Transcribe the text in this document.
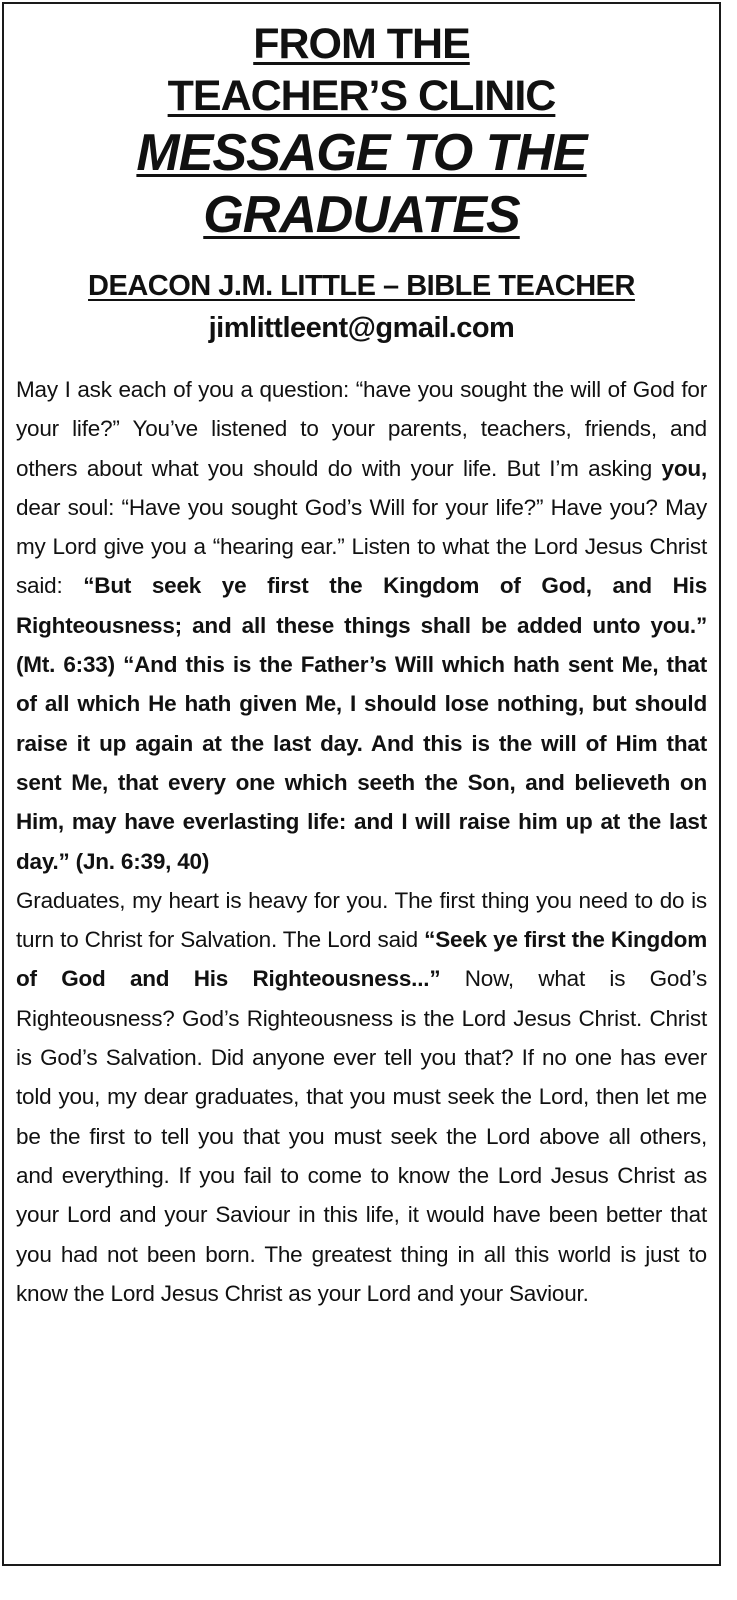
FROM THE
TEACHER’S CLINIC
MESSAGE TO THE
GRADUATES
DEACON J.M. LITTLE – BIBLE TEACHER
jimlittleent@gmail.com

May I ask each of you a question: “have you sought the will of God for your life?” You’ve listened to your parents, teachers, friends, and others about what you should do with your life. But I’m asking you, dear soul: “Have you sought God’s Will for your life?” Have you? May my Lord give you a “hearing ear.” Listen to what the Lord Jesus Christ said: “But seek ye first the Kingdom of God, and His Righteousness; and all these things shall be added unto you.” (Mt. 6:33) “And this is the Father’s Will which hath sent Me, that of all which He hath given Me, I should lose nothing, but should raise it up again at the last day. And this is the will of Him that sent Me, that every one which seeth the Son, and believeth on Him, may have everlasting life: and I will raise him up at the last day.” (Jn. 6:39, 40)

Graduates, my heart is heavy for you. The first thing you need to do is turn to Christ for Salvation. The Lord said “Seek ye first the Kingdom of God and His Righteousness...” Now, what is God’s Righteousness? God’s Righteousness is the Lord Jesus Christ. Christ is God’s Salvation. Did anyone ever tell you that? If no one has ever told you, my dear graduates, that you must seek the Lord, then let me be the first to tell you that you must seek the Lord above all others, and everything. If you fail to come to know the Lord Jesus Christ as your Lord and your Saviour in this life, it would have been better that you had not been born. The greatest thing in all this world is just to know the Lord Jesus Christ as your Lord and your Saviour.
